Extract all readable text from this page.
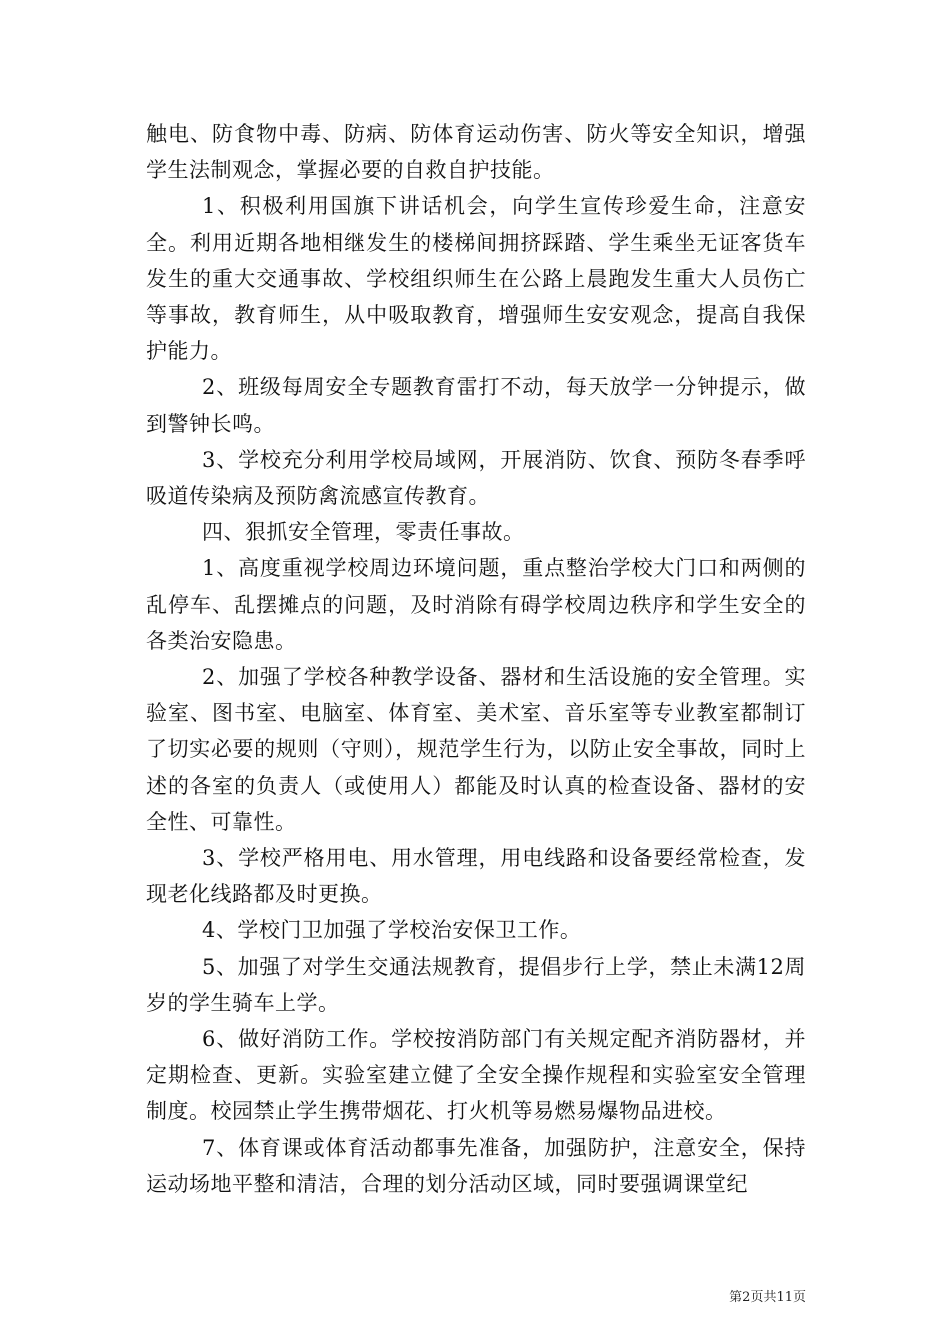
触电、防食物中毒、防病、防体育运动伤害、防火等安全知识，增强学生法制观念，掌握必要的自救自护技能。

1、积极利用国旗下讲话机会，向学生宣传珍爱生命，注意安全。利用近期各地相继发生的楼梯间拥挤踩踏、学生乘坐无证客货车发生的重大交通事故、学校组织师生在公路上晨跑发生重大人员伤亡等事故，教育师生，从中吸取教育，增强师生安安观念，提高自我保护能力。

2、班级每周安全专题教育雷打不动，每天放学一分钟提示，做到警钟长鸣。

3、学校充分利用学校局域网，开展消防、饮食、预防冬春季呼吸道传染病及预防禽流感宣传教育。

四、狠抓安全管理，零责任事故。

1、高度重视学校周边环境问题，重点整治学校大门口和两侧的乱停车、乱摆摊点的问题，及时消除有碍学校周边秩序和学生安全的各类治安隐患。

2、加强了学校各种教学设备、器材和生活设施的安全管理。实验室、图书室、电脑室、体育室、美术室、音乐室等专业教室都制订了切实必要的规则（守则），规范学生行为，以防止安全事故，同时上述的各室的负责人（或使用人）都能及时认真的检查设备、器材的安全性、可靠性。

3、学校严格用电、用水管理，用电线路和设备要经常检查，发现老化线路都及时更换。

4、学校门卫加强了学校治安保卫工作。

5、加强了对学生交通法规教育，提倡步行上学，禁止未满12周岁的学生骑车上学。

6、做好消防工作。学校按消防部门有关规定配齐消防器材，并定期检查、更新。实验室建立健了全安全操作规程和实验室安全管理制度。校园禁止学生携带烟花、打火机等易燃易爆物品进校。

7、体育课或体育活动都事先准备，加强防护，注意安全，保持运动场地平整和清洁，合理的划分活动区域，同时要强调课堂纪

第2页共11页
